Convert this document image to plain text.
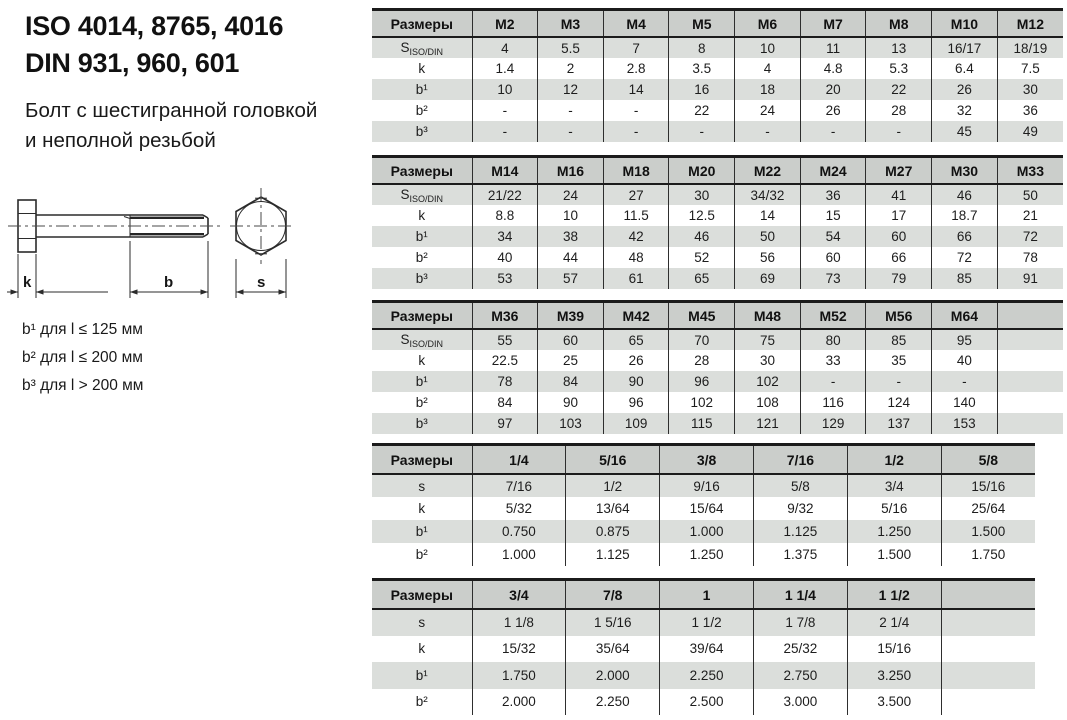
ISO 4014, 8765, 4016
DIN 931, 960, 601
Болт с шестигранной головкой
и неполной резьбой
k	b	s
b¹ для l ≤ 125 мм
b² для l ≤ 200 мм
b³ для l > 200 мм
Размеры	M2	M3	M4	M5	M6	M7	M8	M10	M12
$S_{ISO/DIN}$	4	5.5	7	8	10	11	13	16/17	18/19
k	1.4	2	2.8	3.5	4	4.8	5.3	6.4	7.5
b¹	10	12	14	16	18	20	22	26	30
b²	-	-	-	22	24	26	28	32	36
b³	-	-	-	-	-	-	-	45	49
Размеры	M14	M16	M18	M20	M22	M24	M27	M30	M33
$S_{ISO/DIN}$	21/22	24	27	30	34/32	36	41	46	50
k	8.8	10	11.5	12.5	14	15	17	18.7	21
b¹	34	38	42	46	50	54	60	66	72
b²	40	44	48	52	56	60	66	72	78
b³	53	57	61	65	69	73	79	85	91
Размеры	M36	M39	M42	M45	M48	M52	M56	M64	
$S_{ISO/DIN}$	55	60	65	70	75	80	85	95	
k	22.5	25	26	28	30	33	35	40	
b¹	78	84	90	96	102	-	-	-	
b²	84	90	96	102	108	116	124	140	
b³	97	103	109	115	121	129	137	153	
Размеры	1/4	5/16	3/8	7/16	1/2	5/8
s	7/16	1/2	9/16	5/8	3/4	15/16
k	5/32	13/64	15/64	9/32	5/16	25/64
b¹	0.750	0.875	1.000	1.125	1.250	1.500
b²	1.000	1.125	1.250	1.375	1.500	1.750
Размеры	3/4	7/8	1	1 1/4	1 1/2	
s	1 1/8	1 5/16	1 1/2	1 7/8	2 1/4	
k	15/32	35/64	39/64	25/32	15/16	
b¹	1.750	2.000	2.250	2.750	3.250	
b²	2.000	2.250	2.500	3.000	3.500	
